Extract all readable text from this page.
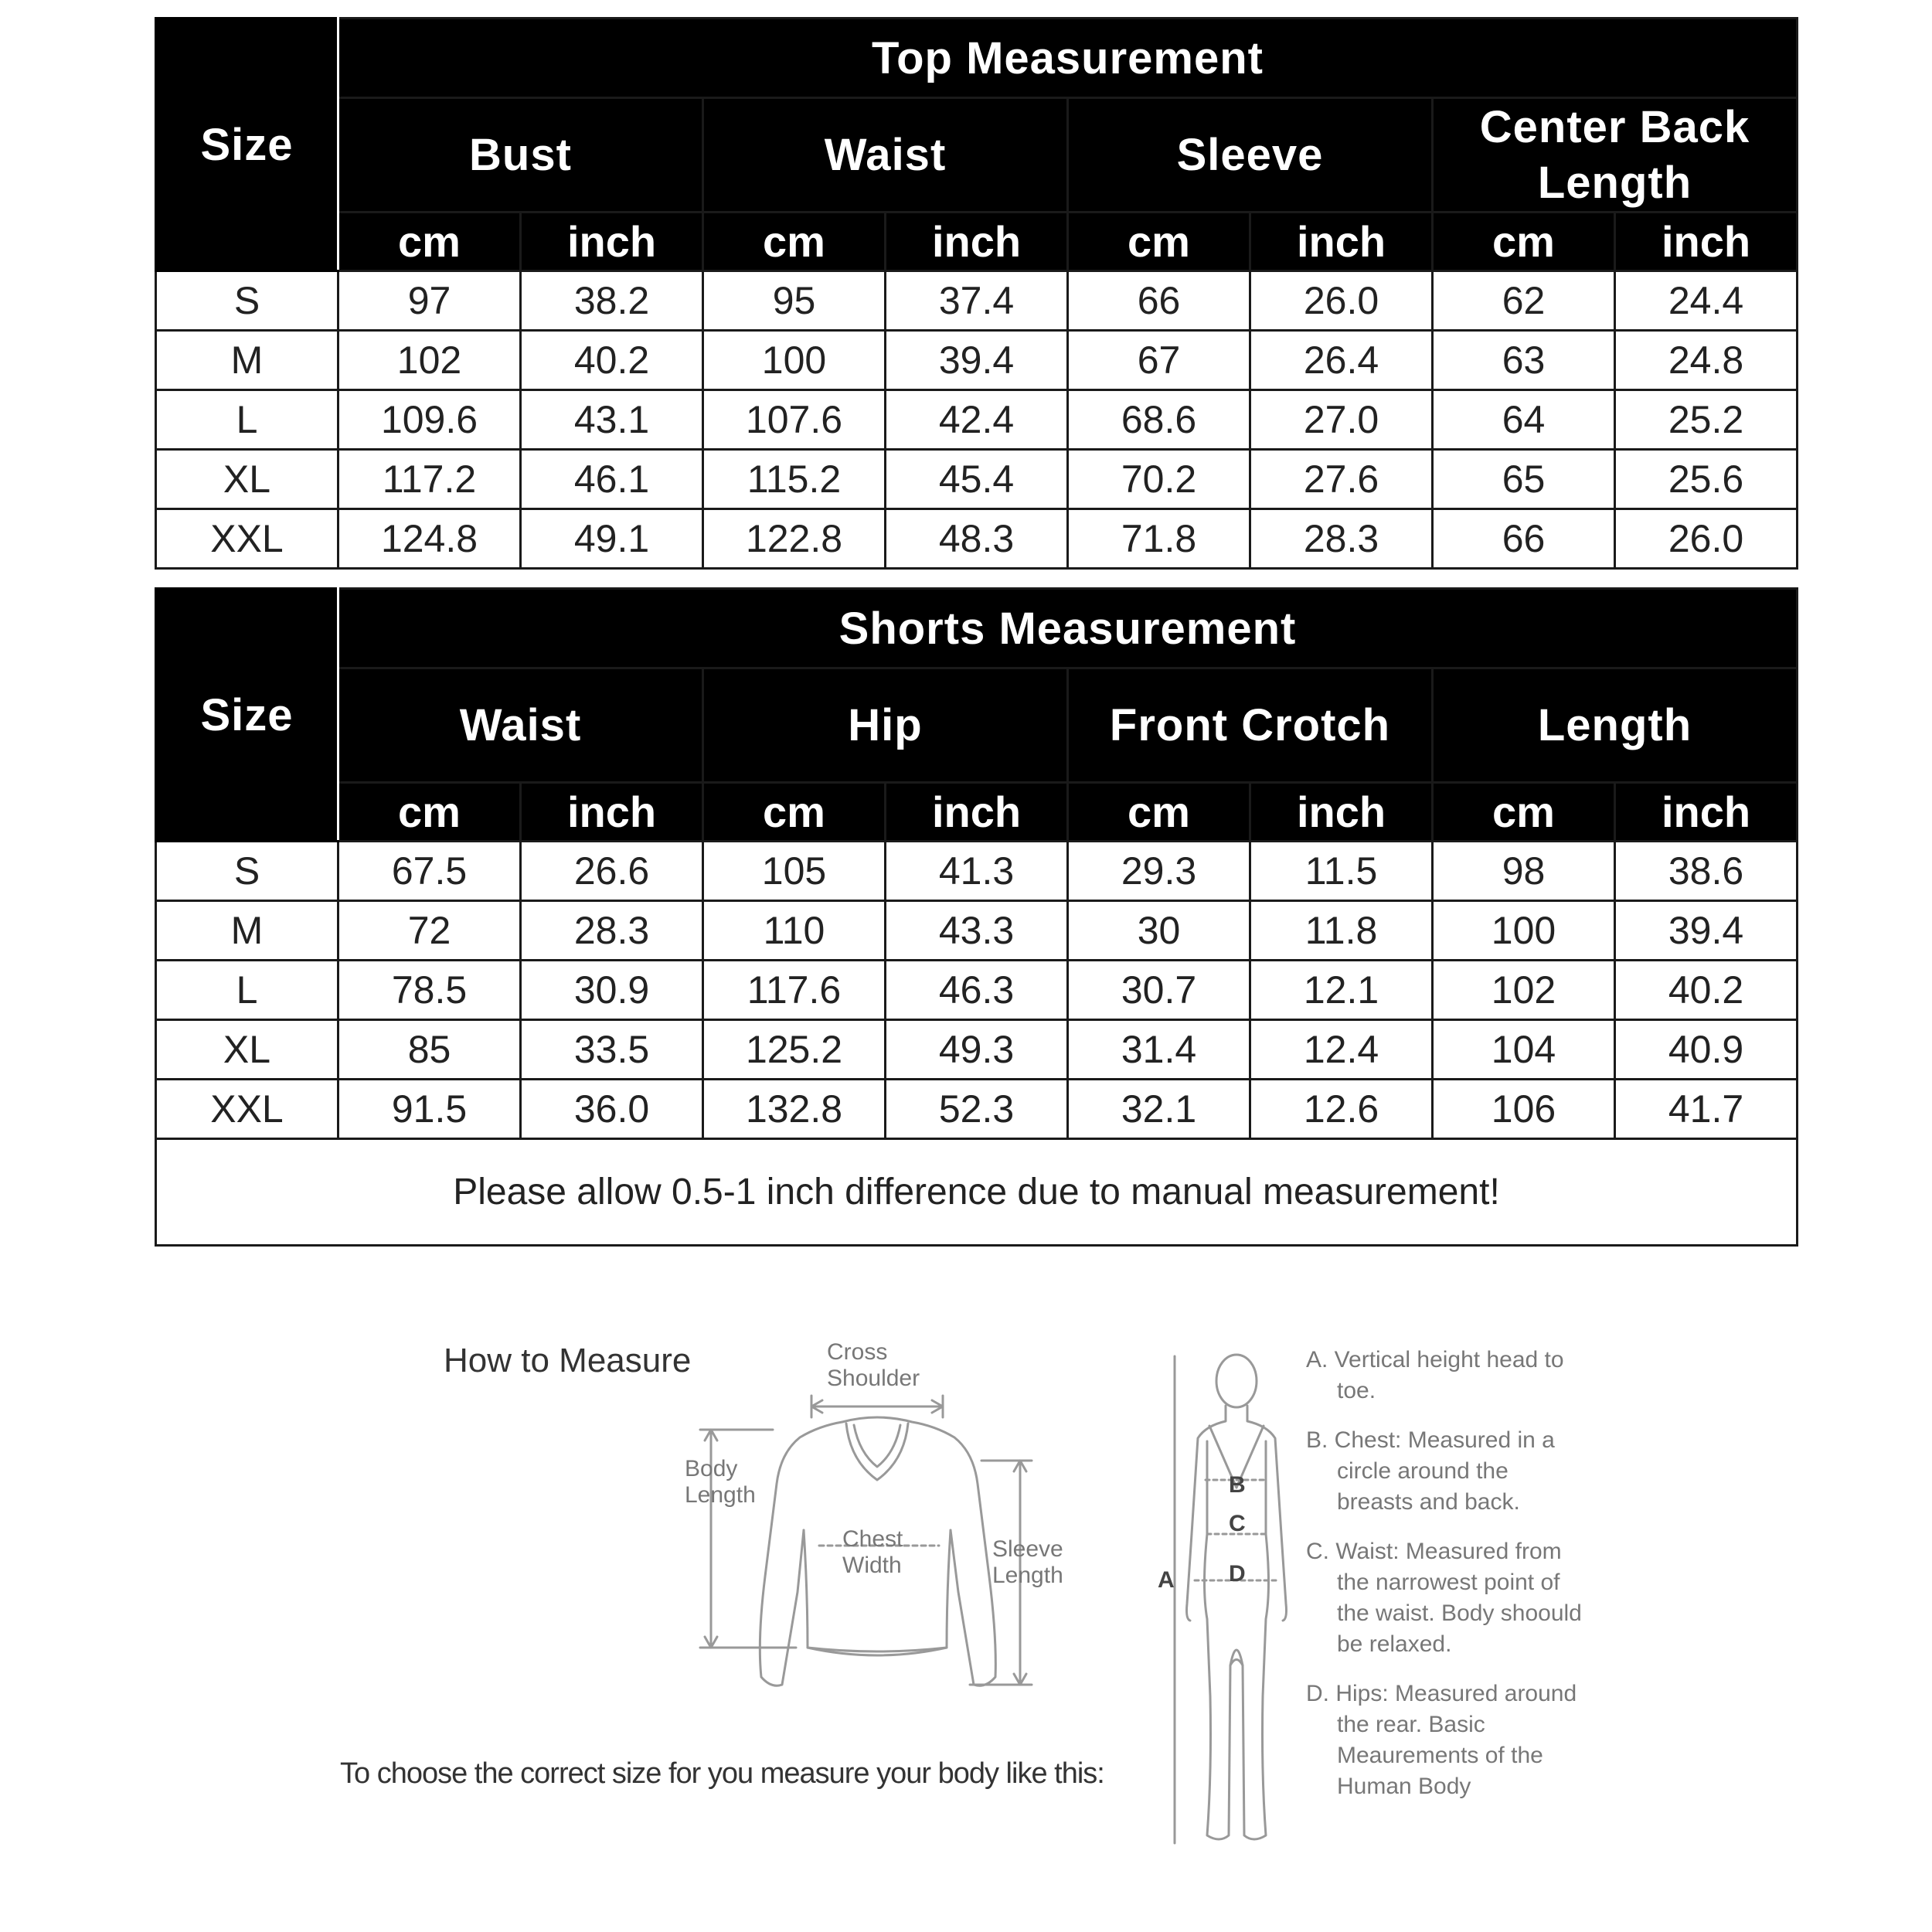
Size	Top Measurement							
	Bust		Waist		Sleeve		Center Back Length	
	cm	inch	cm	inch	cm	inch	cm	inch
S	97	38.2	95	37.4	66	26.0	62	24.4
M	102	40.2	100	39.4	67	26.4	63	24.8
L	109.6	43.1	107.6	42.4	68.6	27.0	64	25.2
XL	117.2	46.1	115.2	45.4	70.2	27.6	65	25.6
XXL	124.8	49.1	122.8	48.3	71.8	28.3	66	26.0
Size	Shorts Measurement							
	Waist		Hip		Front Crotch		Length	
	cm	inch	cm	inch	cm	inch	cm	inch
S	67.5	26.6	105	41.3	29.3	11.5	98	38.6
M	72	28.3	110	43.3	30	11.8	100	39.4
L	78.5	30.9	117.6	46.3	30.7	12.1	102	40.2
XL	85	33.5	125.2	49.3	31.4	12.4	104	40.9
XXL	91.5	36.0	132.8	52.3	32.1	12.6	106	41.7
Please allow 0.5-1 inch difference due to manual measurement!								
How to Measure
To choose the correct size for you measure your body like this:
Cross
Shoulder
Body
Length
Chest
Width
Sleeve
Length
B
C
D
A

A. Vertical height head to toe.

B. Chest: Measured in a circle around the breasts and back.

C. Waist: Measured from the narrowest point of the waist. Body shoould be relaxed.

D. Hips: Measured around the rear. Basic Meaurements of the Human Body
